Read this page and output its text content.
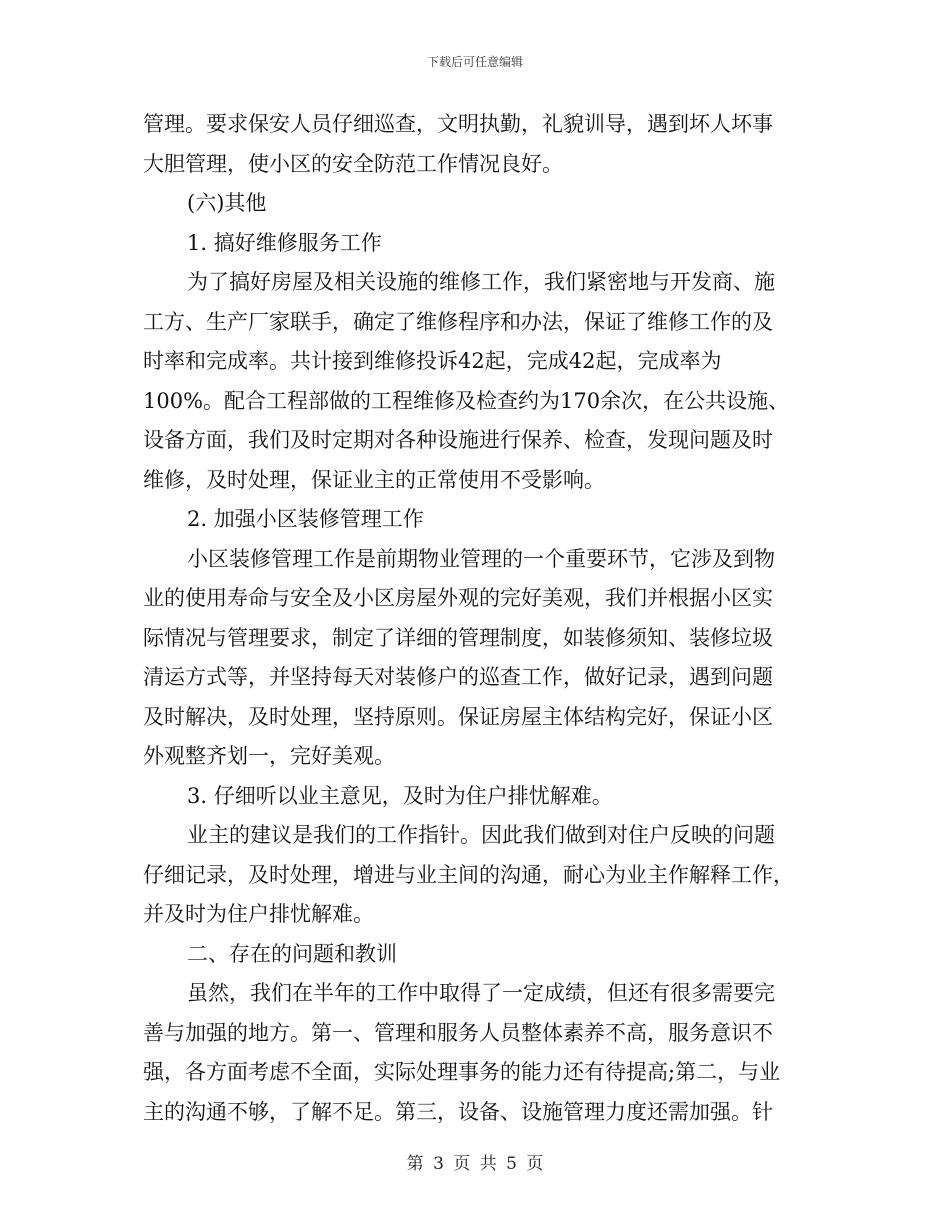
下载后可任意编辑
管理。要求保安人员仔细巡查，文明执勤，礼貌训导，遇到坏人坏事
大胆管理，使小区的安全防范工作情况良好。
(六)其他
1. 搞好维修服务工作
为了搞好房屋及相关设施的维修工作，我们紧密地与开发商、施
工方、生产厂家联手，确定了维修程序和办法，保证了维修工作的及
时率和完成率。共计接到维修投诉42起，完成42起，完成率为
100%。配合工程部做的工程维修及检查约为170余次，在公共设施、
设备方面，我们及时定期对各种设施进行保养、检查，发现问题及时
维修，及时处理，保证业主的正常使用不受影响。
2. 加强小区装修管理工作
小区装修管理工作是前期物业管理的一个重要环节，它涉及到物
业的使用寿命与安全及小区房屋外观的完好美观，我们并根据小区实
际情况与管理要求，制定了详细的管理制度，如装修须知、装修垃圾
清运方式等，并坚持每天对装修户的巡查工作，做好记录，遇到问题
及时解决，及时处理，坚持原则。保证房屋主体结构完好，保证小区
外观整齐划一，完好美观。
3. 仔细听以业主意见，及时为住户排忧解难。
业主的建议是我们的工作指针。因此我们做到对住户反映的问题
仔细记录，及时处理，增进与业主间的沟通，耐心为业主作解释工作，
并及时为住户排忧解难。
二、存在的问题和教训
虽然，我们在半年的工作中取得了一定成绩，但还有很多需要完
善与加强的地方。第一、管理和服务人员整体素养不高，服务意识不
强，各方面考虑不全面，实际处理事务的能力还有待提高;第二，与业
主的沟通不够，了解不足。第三，设备、设施管理力度还需加强。针
第 3 页 共 5 页
